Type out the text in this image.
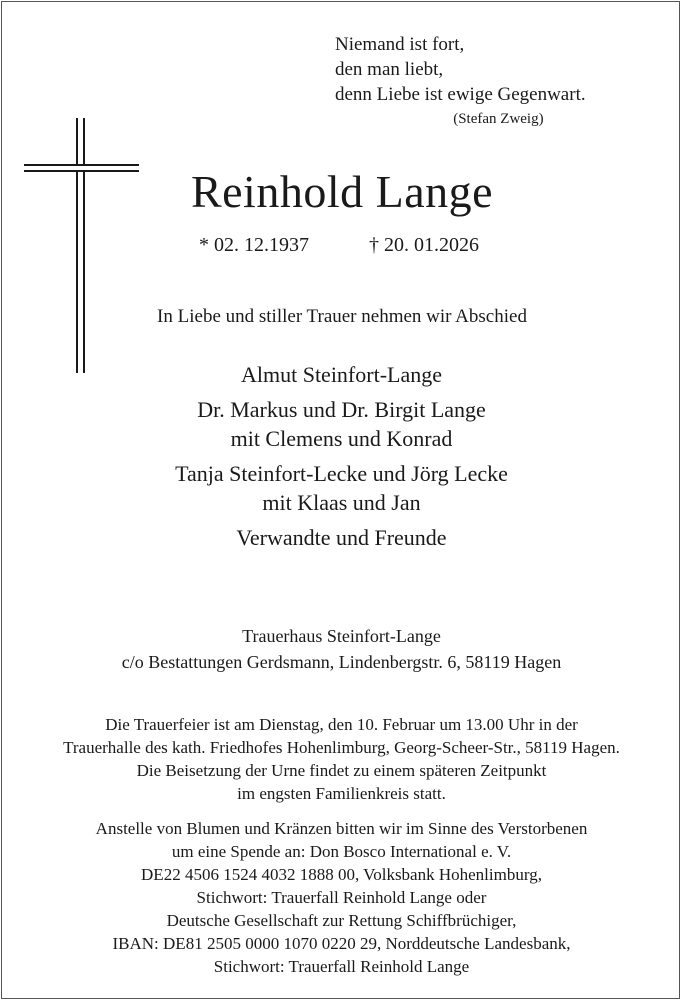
Niemand ist fort,
den man liebt,
denn Liebe ist ewige Gegenwart.
(Stefan Zweig)
Reinhold Lange
* 02. 12.1937	† 20. 01.2026
In Liebe und stiller Trauer nehmen wir Abschied
Almut Steinfort-Lange
Dr. Markus und Dr. Birgit Lange
mit Clemens und Konrad
Tanja Steinfort-Lecke und Jörg Lecke
mit Klaas und Jan
Verwandte und Freunde
Trauerhaus Steinfort-Lange
c/o Bestattungen Gerdsmann, Lindenbergstr. 6, 58119 Hagen
Die Trauerfeier ist am Dienstag, den 10. Februar um 13.00 Uhr in der
Trauerhalle des kath. Friedhofes Hohenlimburg, Georg-Scheer-Str., 58119 Hagen.
Die Beisetzung der Urne findet zu einem späteren Zeitpunkt
im engsten Familienkreis statt.
Anstelle von Blumen und Kränzen bitten wir im Sinne des Verstorbenen
um eine Spende an: Don Bosco International e. V.
DE22 4506 1524 4032 1888 00, Volksbank Hohenlimburg,
Stichwort: Trauerfall Reinhold Lange oder
Deutsche Gesellschaft zur Rettung Schiffbrüchiger,
IBAN: DE81 2505 0000 1070 0220 29, Norddeutsche Landesbank,
Stichwort: Trauerfall Reinhold Lange
